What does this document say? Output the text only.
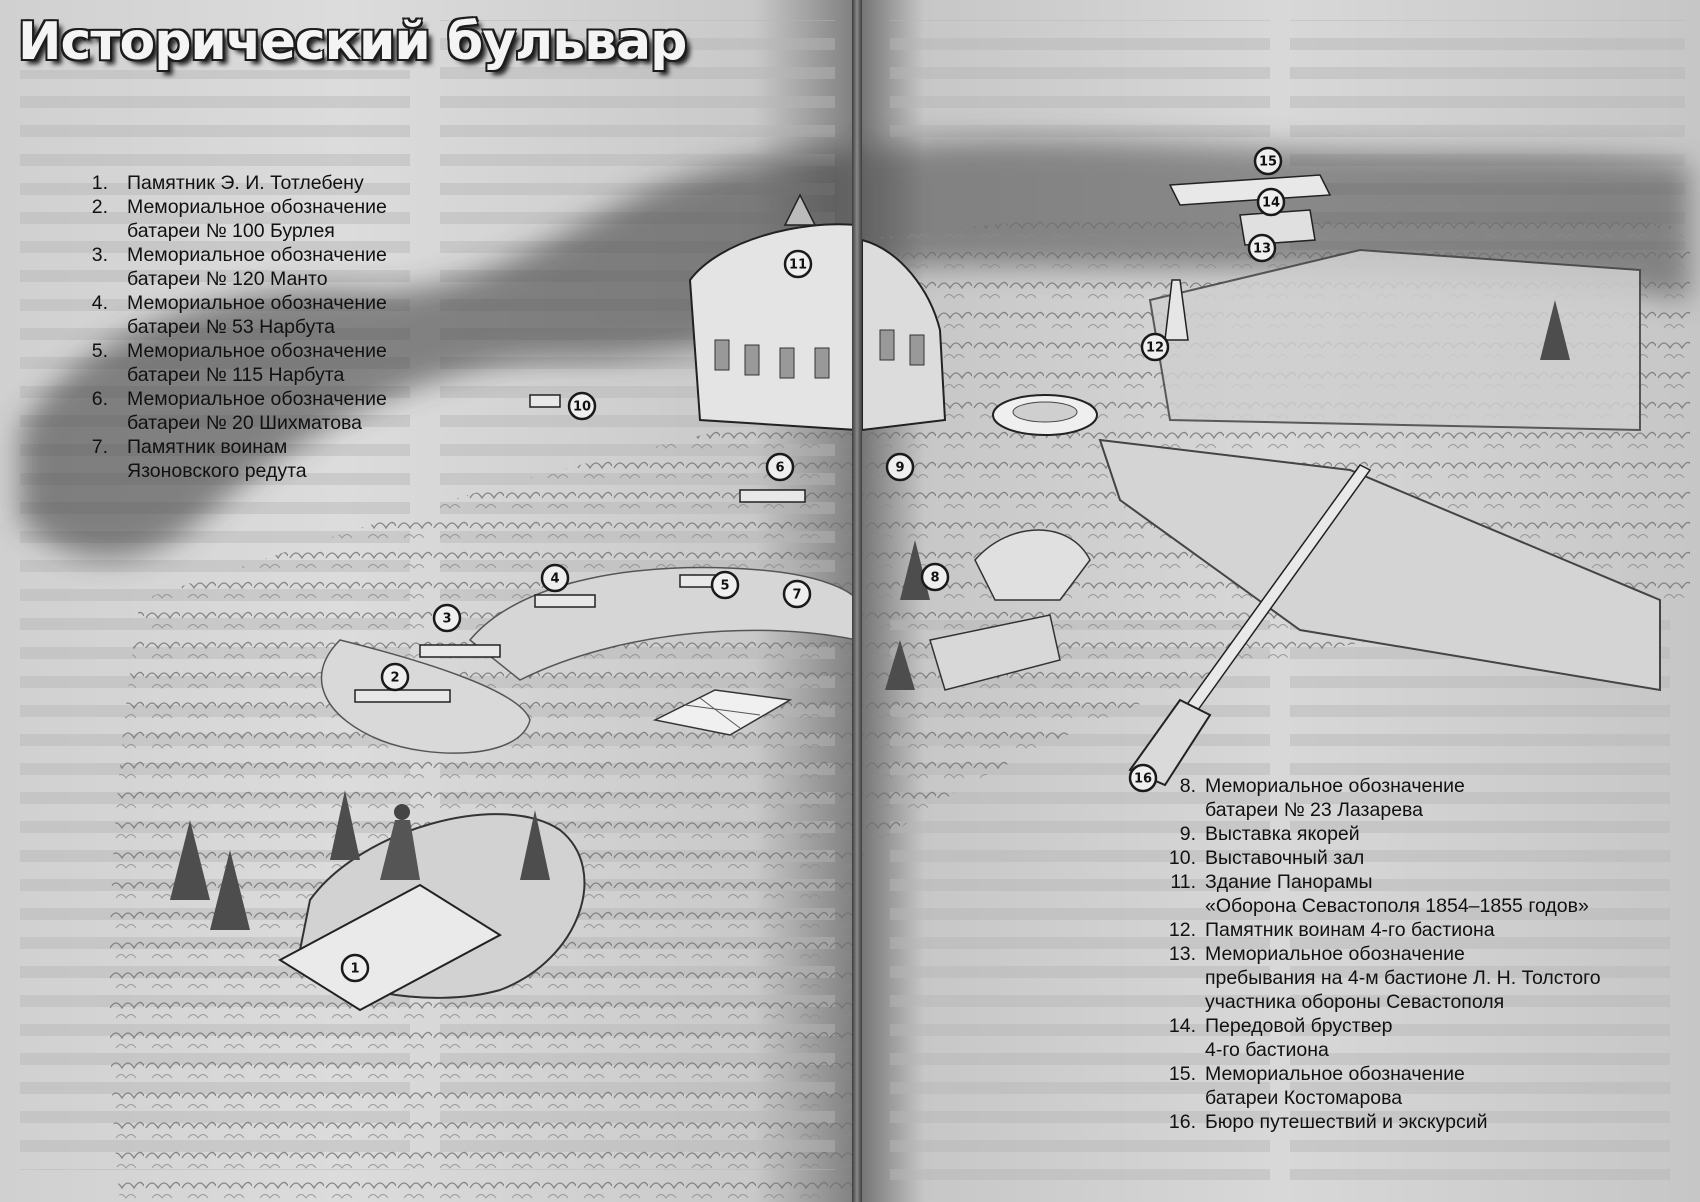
1
2
3
4	5
6
7
8
9
10
11
12
13
14
15
16
Исторический бульвар
1. Памятник Э. И. Тотлебену
2. Мемориальное обозначение
батареи № 100 Бурлея
3. Мемориальное обозначение
батареи № 120 Манто
4. Мемориальное обозначение
батареи № 53 Нарбута
5. Мемориальное обозначение
батареи № 115 Нарбута
6. Мемориальное обозначение
батареи № 20 Шихматова
7. Памятник воинам
Язоновского редута
8. Мемориальное обозначение
батареи № 23 Лазарева
9. Выставка якорей
10. Выставочный зал
11. Здание Панорамы
«Оборона Севастополя 1854–1855 годов»
12. Памятник воинам 4-го бастиона
13. Мемориальное обозначение
пребывания на 4-м бастионе Л. Н. Толстого
участника обороны Севастополя
14. Передовой бруствер
4-го бастиона
15. Мемориальное обозначение
батареи Костомарова
16. Бюро путешествий и экскурсий
